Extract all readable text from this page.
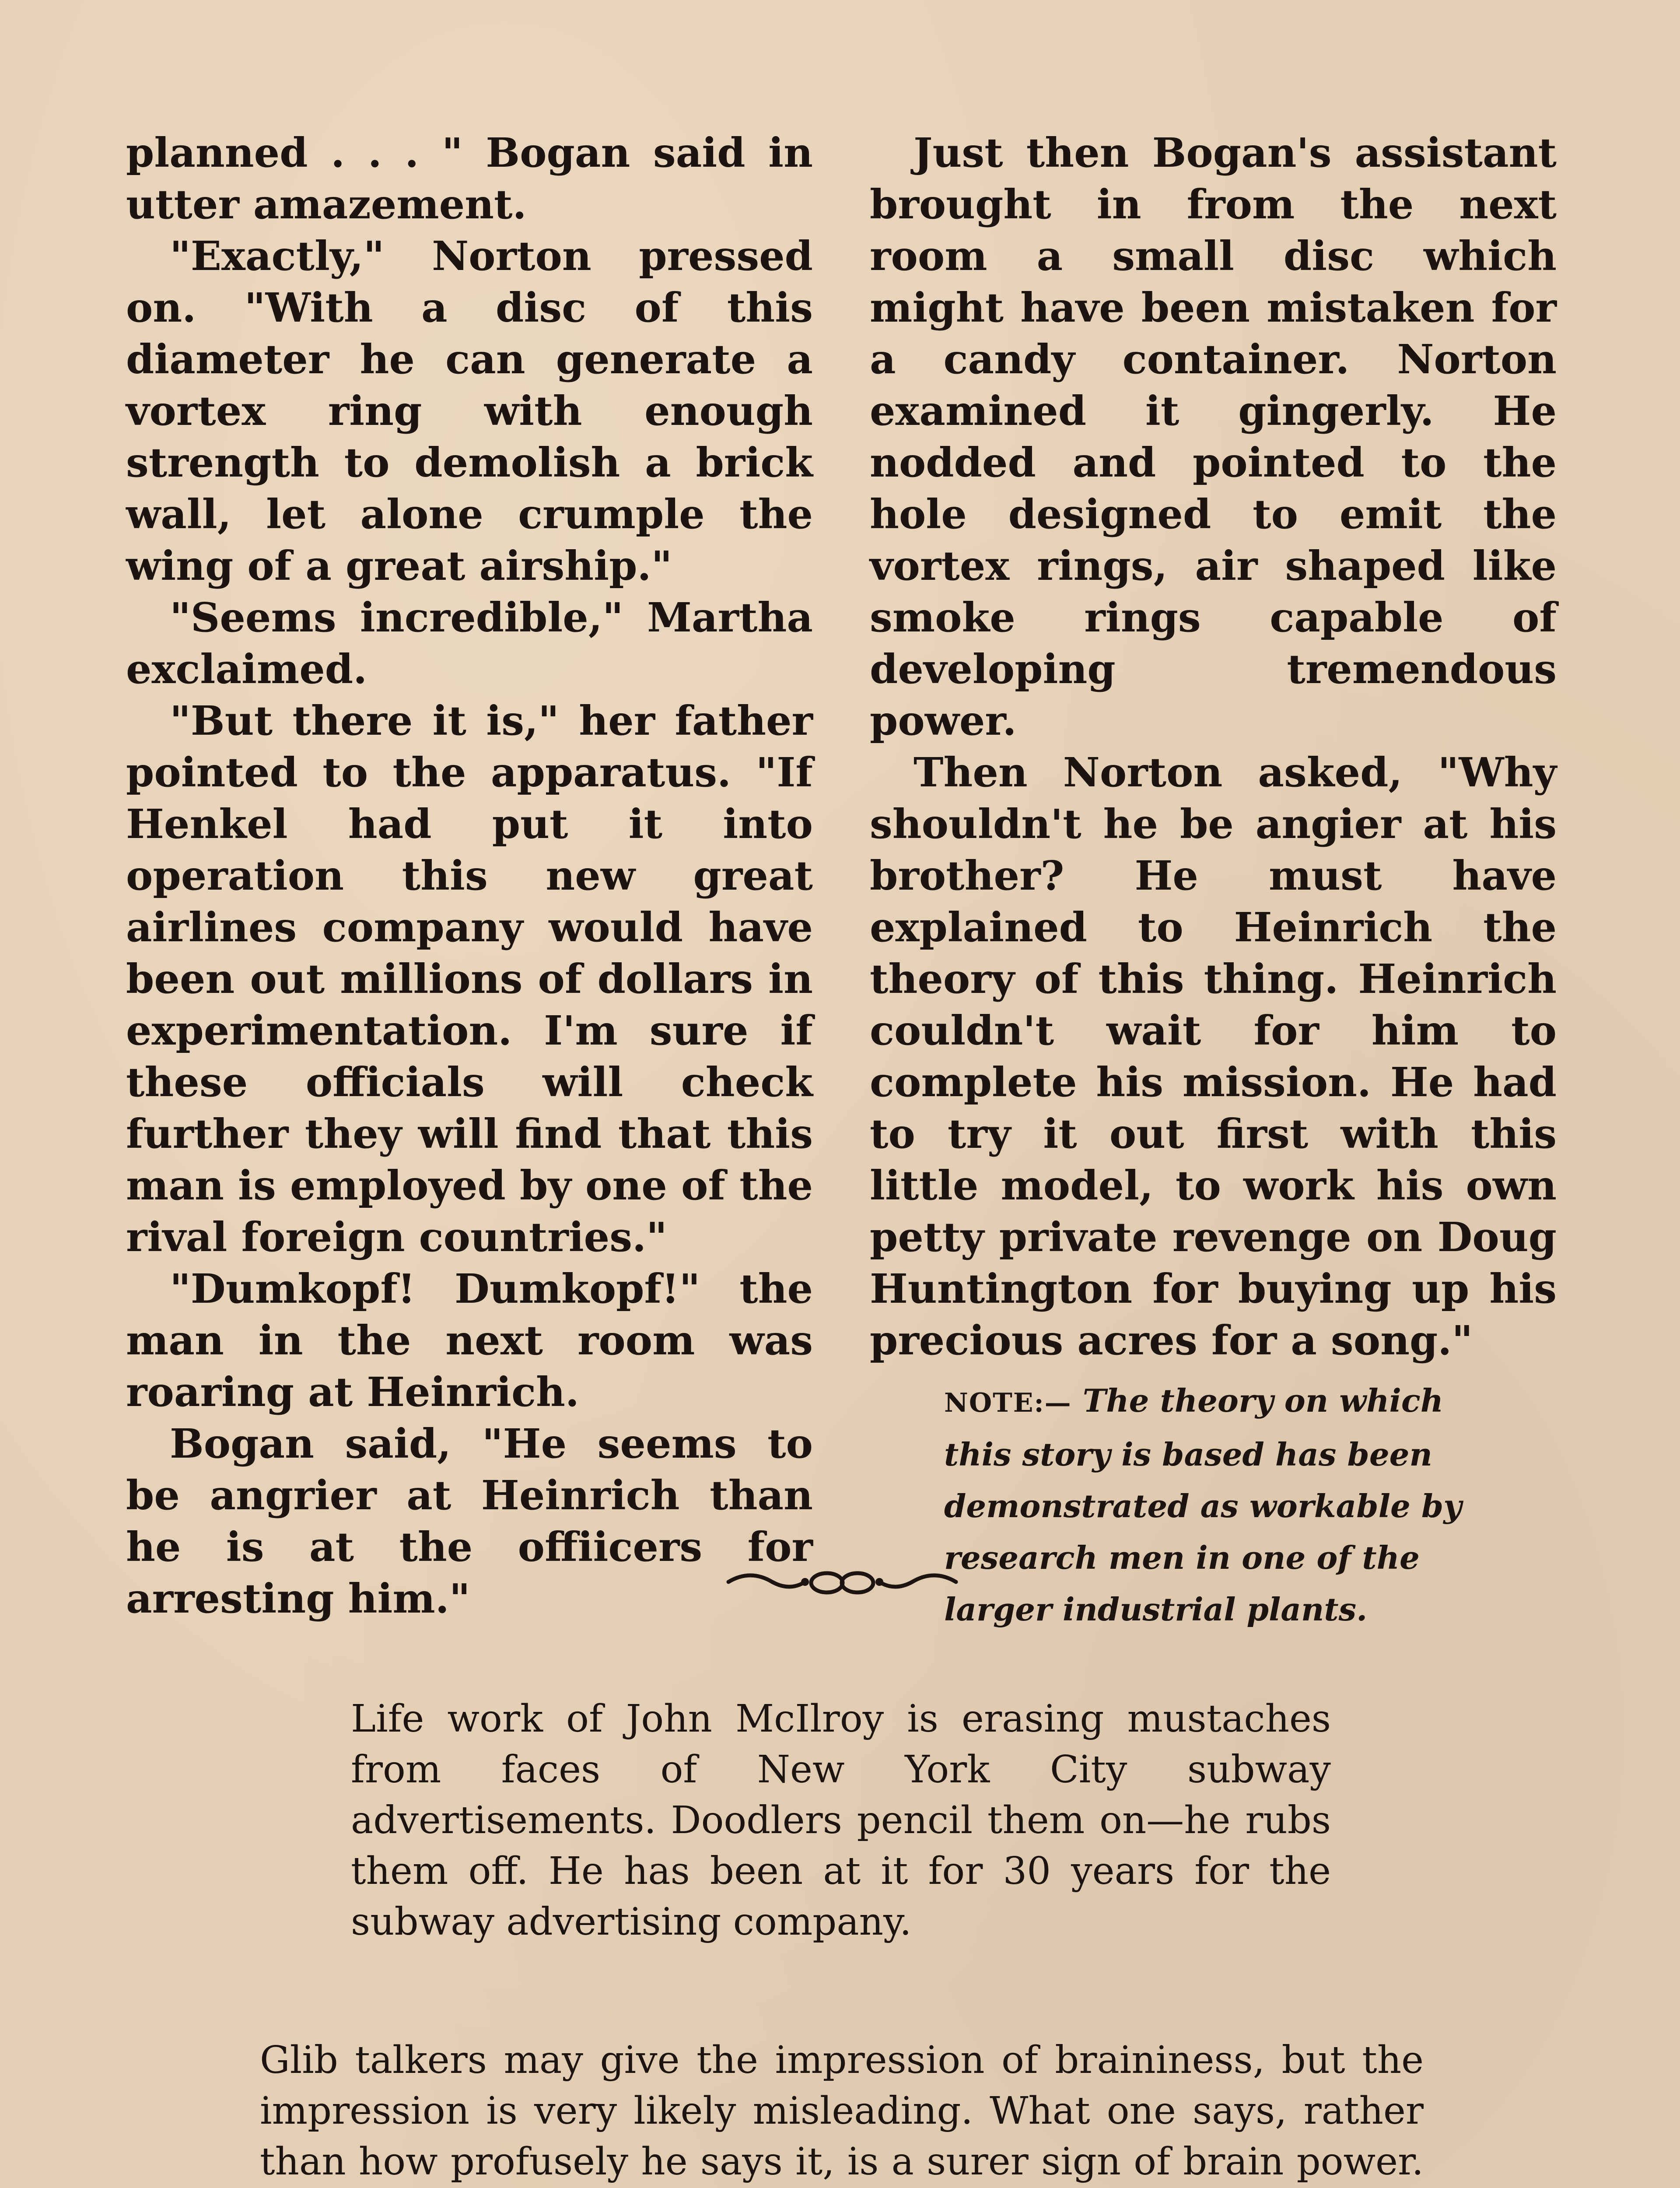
planned . . . " Bogan said in utter amazement.

"Exactly," Norton pressed on. "With a disc of this diameter he can generate a vortex ring with enough strength to demolish a brick wall, let alone crumple the wing of a great airship."

"Seems incredible," Martha exclaimed.

"But there it is," her father pointed to the apparatus. "If Henkel had put it into operation this new great airlines company would have been out millions of dollars in experimentation. I'm sure if these officials will check further they will find that this man is employed by one of the rival foreign countries."

"Dumkopf! Dumkopf!" the man in the next room was roaring at Heinrich.

Bogan said, "He seems to be angrier at Heinrich than he is at the offiicers for arresting him."

Just then Bogan's assistant brought in from the next room a small disc which might have been mistaken for a candy container. Norton examined it gingerly. He nodded and pointed to the hole designed to emit the vortex rings, air shaped like smoke rings capable of developing tremendous power.

Then Norton asked, "Why shouldn't he be angier at his brother? He must have explained to Heinrich the theory of this thing. Heinrich couldn't wait for him to complete his mission. He had to try it out first with this little model, to work his own petty private revenge on Doug Huntington for buying up his precious acres for a song."

NOTE:— The theory on which this story is based has been demonstrated as workable by research men in one of the larger industrial plants.
Life work of John McIlroy is erasing mustaches from faces of New York City subway advertisements. Doodlers pencil them on—he rubs them off. He has been at it for 30 years for the subway advertising company.
Glib talkers may give the impression of braininess, but the impression is very likely misleading. What one says, rather than how profusely he says it, is a surer sign of brain power.
